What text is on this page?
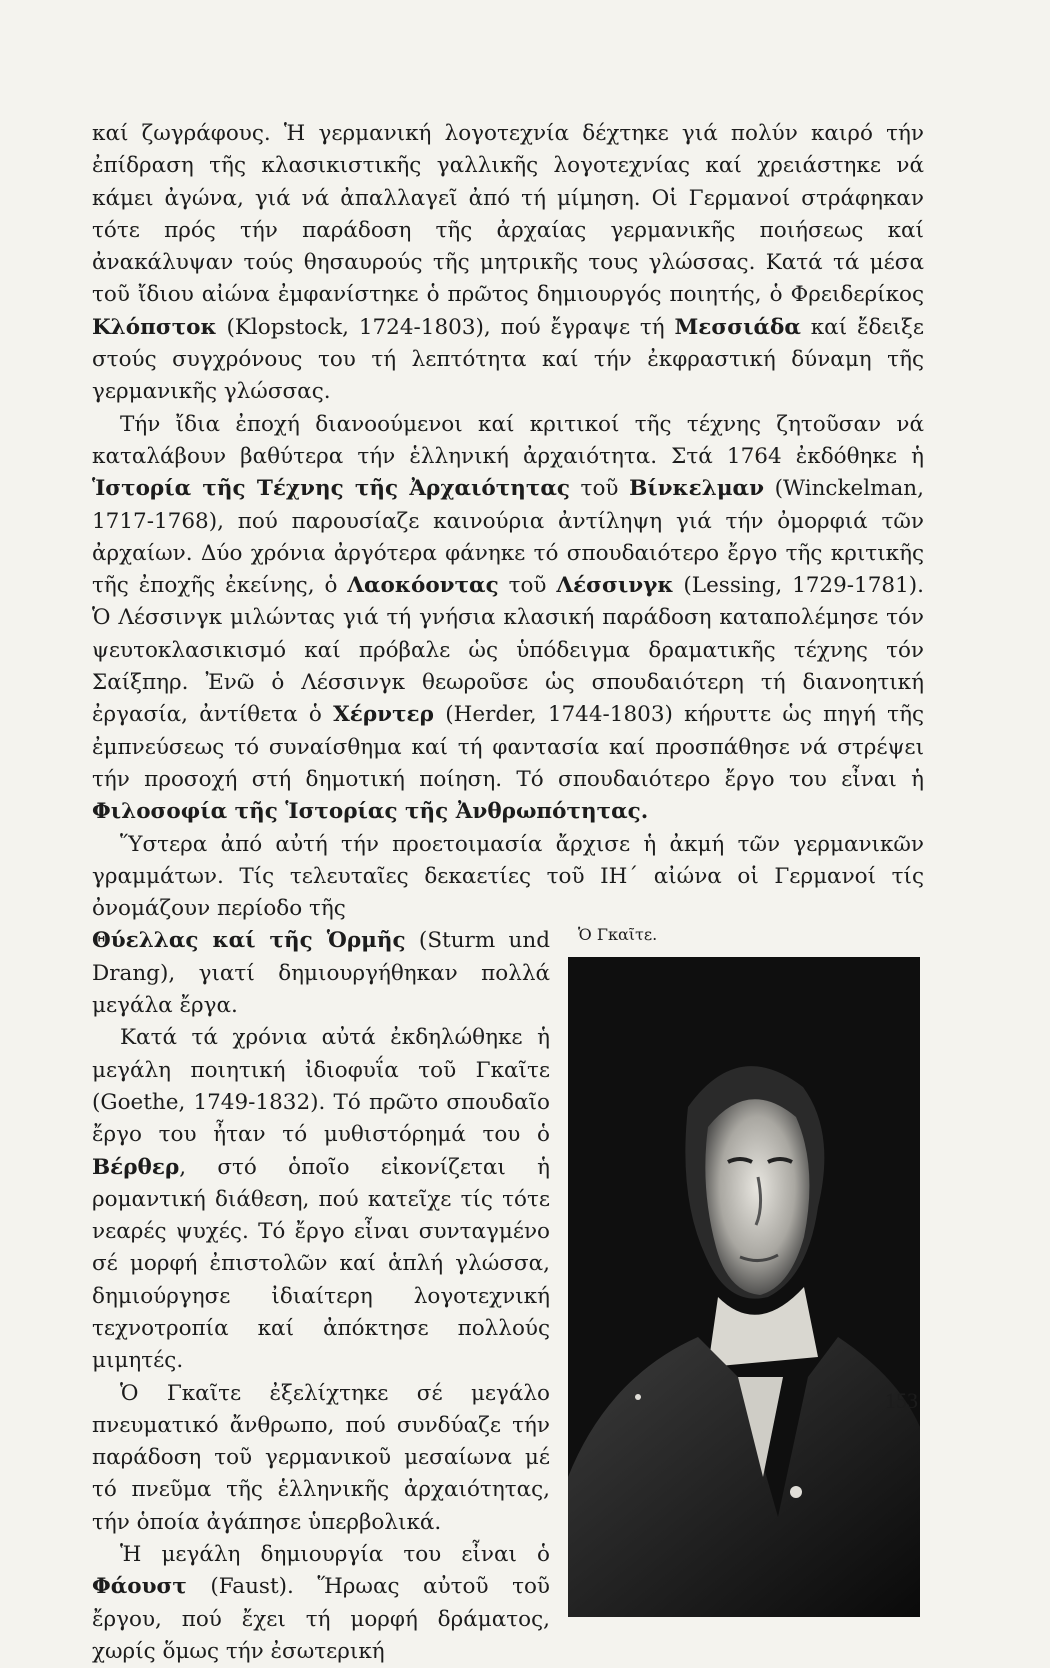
καί ζωγράφους. Ἡ γερμανική λογοτεχνία δέχτηκε γιά πολύν καιρό τήν ἐπίδραση τῆς κλασικιστικῆς γαλλικῆς λογοτεχνίας καί χρειάστηκε νά κάμει ἀγώνα, γιά νά ἀπαλλαγεῖ ἀπό τή μίμηση. Οἱ Γερμανοί στράφηκαν τότε πρός τήν παράδοση τῆς ἀρχαίας γερμανικῆς ποιήσεως καί ἀνακάλυψαν τούς θησαυρούς τῆς μητρικῆς τους γλώσσας. Κατά τά μέσα τοῦ ἴδιου αἰώνα ἐμφανίστηκε ὁ πρῶτος δημιουργός ποιητής, ὁ Φρειδερίκος Κλόπστοκ (Klopstock, 1724-1803), πού ἔγραψε τή Μεσσιάδα καί ἔδειξε στούς συγχρόνους του τή λεπτότητα καί τήν ἐκφραστική δύναμη τῆς γερμανικῆς γλώσσας.

Τήν ἴδια ἐποχή διανοούμενοι καί κριτικοί τῆς τέχνης ζητοῦσαν νά καταλάβουν βαθύτερα τήν ἑλληνική ἀρχαιότητα. Στά 1764 ἐκδόθηκε ἡ Ἱστορία τῆς Τέχνης τῆς Ἀρχαιότητας τοῦ Βίνκελμαν (Winckelman, 1717-1768), πού παρουσίαζε καινούρια ἀντίληψη γιά τήν ὀμορφιά τῶν ἀρχαίων. Δύο χρόνια ἀργότερα φάνηκε τό σπουδαιότερο ἔργο τῆς κριτικῆς τῆς ἐποχῆς ἐκείνης, ὁ Λαοκόοντας τοῦ Λέσσινγκ (Lessing, 1729-1781). Ὁ Λέσσινγκ μιλώντας γιά τή γνήσια κλασική παράδοση καταπολέμησε τόν ψευτοκλασικισμό καί πρόβαλε ὡς ὑπόδειγμα δραματικῆς τέχνης τόν Σαίξπηρ. Ἐνῶ ὁ Λέσσινγκ θεωροῦσε ὡς σπουδαιότερη τή διανοητική ἐργασία, ἀντίθετα ὁ Χέρντερ (Herder, 1744-1803) κήρυττε ὡς πηγή τῆς ἐμπνεύσεως τό συναίσθημα καί τή φαντασία καί προσπάθησε νά στρέψει τήν προσοχή στή δημοτική ποίηση. Τό σπουδαιότερο ἔργο του εἶναι ἡ Φιλοσοφία τῆς Ἱστορίας τῆς Ἀνθρωπότητας.

Ὕστερα ἀπό αὐτή τήν προετοιμασία ἄρχισε ἡ ἀκμή τῶν γερμανικῶν γραμμάτων. Τίς τελευταῖες δεκαετίες τοῦ ΙΗ΄ αἰώνα οἱ Γερμανοί τίς ὀνομάζουν περίοδο τῆς

Ὁ Γκαῖτε.

Θύελλας καί τῆς Ὁρμῆς (Sturm und Drang), γιατί δημιουργήθηκαν πολλά μεγάλα ἔργα.

Κατά τά χρόνια αὐτά ἐκδηλώθηκε ἡ μεγάλη ποιητική ἰδιοφυΐα τοῦ Γκαῖτε (Goethe, 1749-1832). Τό πρῶτο σπουδαῖο ἔργο του ἦταν τό μυθιστόρημά του ὁ Βέρθερ, στό ὁποῖο εἰκονίζεται ἡ ρομαντική διάθεση, πού κατεῖχε τίς τότε νεαρές ψυχές. Τό ἔργο εἶναι συνταγμένο σέ μορφή ἐπιστολῶν καί ἁπλή γλώσσα, δημιούργησε ἰδιαίτερη λογοτεχνική τεχνοτροπία καί ἀπόκτησε πολλούς μιμητές.

Ὁ Γκαῖτε ἐξελίχτηκε σέ μεγάλο πνευματικό ἄνθρωπο, πού συνδύαζε τήν παράδοση τοῦ γερμανικοῦ μεσαίωνα μέ τό πνεῦμα τῆς ἑλληνικῆς ἀρχαιότητας, τήν ὁποία ἀγάπησε ὑπερβολικά.

Ἡ μεγάλη δημιουργία του εἶναι ὁ Φάουστ (Faust). Ἥρωας αὐτοῦ τοῦ ἔργου, πού ἔχει τή μορφή δράματος, χωρίς ὅμως τήν ἐσωτερική

153
